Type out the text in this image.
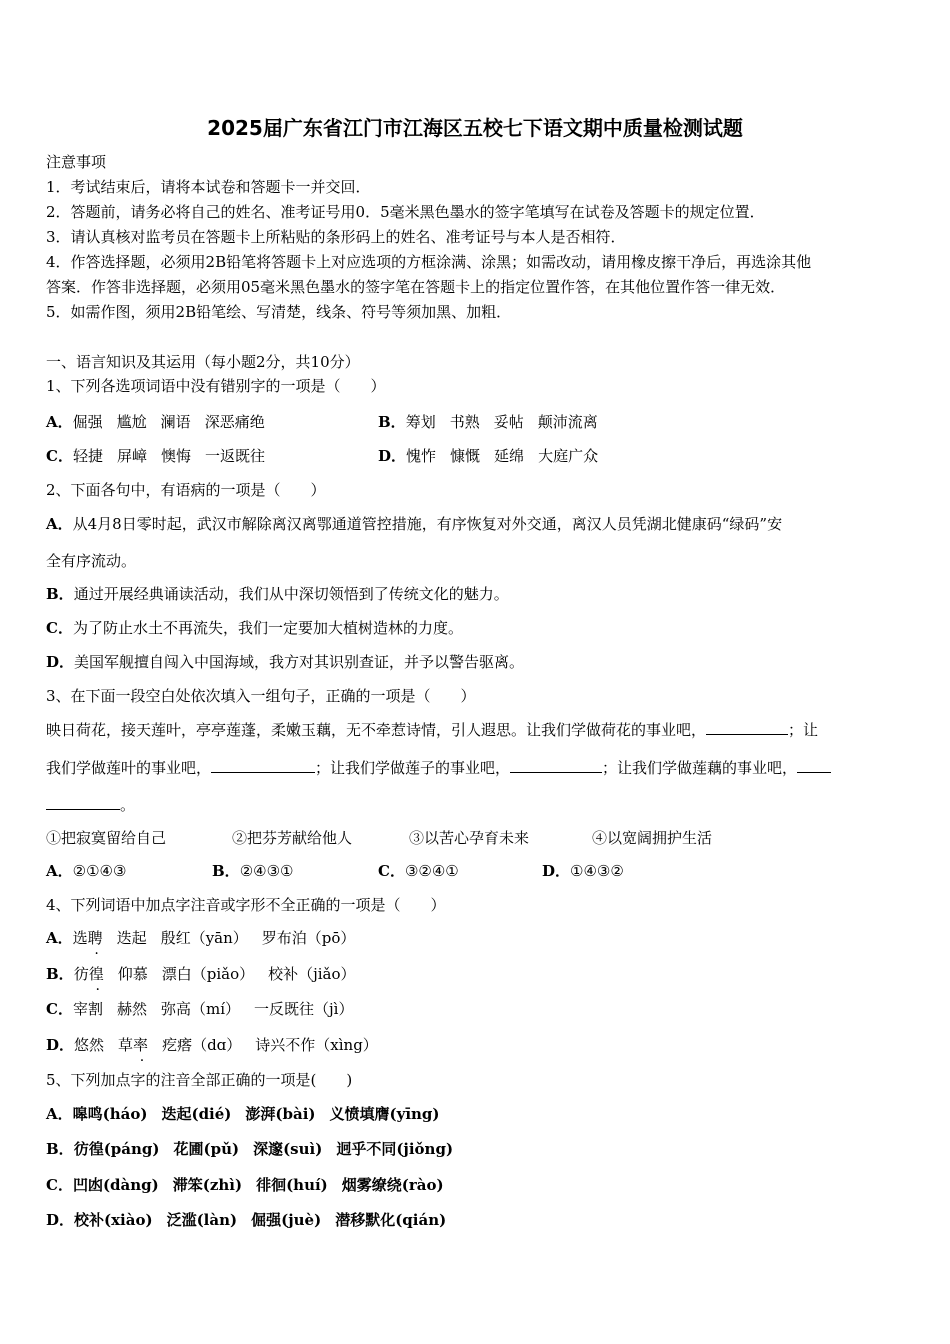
2025届广东省江门市江海区五校七下语文期中质量检测试题
注意事项
1．考试结束后，请将本试卷和答题卡一并交回．
2．答题前，请务必将自己的姓名、准考证号用0．5毫米黑色墨水的签字笔填写在试卷及答题卡的规定位置．
3．请认真核对监考员在答题卡上所粘贴的条形码上的姓名、准考证号与本人是否相符．
4．作答选择题，必须用2B铅笔将答题卡上对应选项的方框涂满、涂黑；如需改动，请用橡皮擦干净后，再选涂其他
答案．作答非选择题，必须用05毫米黑色墨水的签字笔在答题卡上的指定位置作答，在其他位置作答一律无效．
5．如需作图，须用2B铅笔绘、写清楚，线条、符号等须加黑、加粗．
一、语言知识及其运用（每小题2分，共10分）
1、下列各选项词语中没有错别字的一项是（　　）
A．倔强 尴尬 澜语 深恶痛绝	B．筹划 书熟 妥帖 颠沛流离
C．轻捷 屏嶂 懊悔 一返既往	D．愧怍 慷慨 延绵 大庭广众
2、下面各句中，有语病的一项是（　　）
A．从4月8日零时起，武汉市解除离汉离鄂通道管控措施，有序恢复对外交通，离汉人员凭湖北健康码“绿码”安
全有序流动。
B．通过开展经典诵读活动，我们从中深切领悟到了传统文化的魅力。
C．为了防止水土不再流失，我们一定要加大植树造林的力度。
D．美国军舰擅自闯入中国海域，我方对其识别查证，并予以警告驱离。
3、在下面一段空白处依次填入一组句子，正确的一项是（　　）
映日荷花，接天莲叶，亭亭莲蓬，柔嫩玉藕，无不牵惹诗情，引人遐思。让我们学做荷花的事业吧，	；让
我们学做莲叶的事业吧，	；让我们学做莲子的事业吧，	；让我们学做莲藕的事业吧，
。
①把寂寞留给自己	②把芬芳献给他人	③以苦心孕育未来	④以宽阔拥护生活
A．②①④③	B．②④③①	C．③②④①	D．①④③②
4、下列词语中加点字注音或字形不全正确的一项是（　　）
A．选聘 迭起 殷红（yān） 罗布泊（pō）
B．彷徨 仰慕 漂白（piǎo） 校补（jiǎo）
C．宰割 赫然 弥高（mí） 一反既往（jì）
D．悠然 草率 疙瘩（dɑ） 诗兴不作（xìng）
5、下列加点字的注音全部正确的一项是(　　)
A．嗥鸣(háo) 迭起(dié) 澎湃(bài) 义愤填膺(yīng)
B．彷徨(páng) 花圃(pǔ) 深邃(suì) 迥乎不同(jiǒng)
C．凹凼(dàng) 滞笨(zhì) 徘徊(huí) 烟雾缭绕(rào)
D．校补(xiào) 泛滥(làn) 倔强(juè) 潜移默化(qián)
